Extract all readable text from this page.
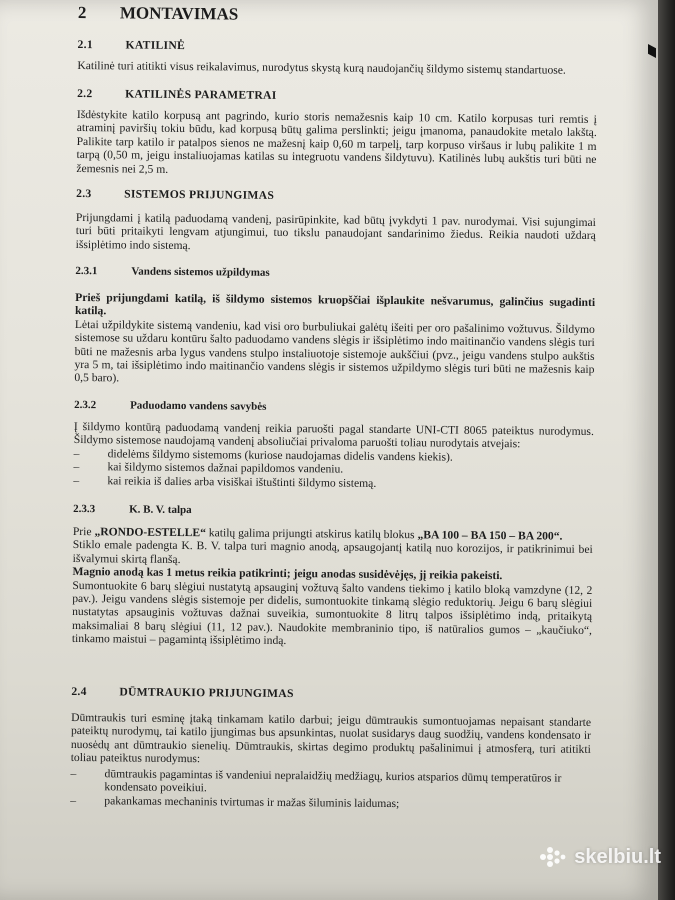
2 MONTAVIMAS
2.1	KATILINĖ
Katilinė turi atitikti visus reikalavimus, nurodytus skystą kurą naudojančių šildymo sistemų standartuose.
2.2	KATILINĖS PARAMETRAI
Išdėstykite katilo korpusą ant pagrindo, kurio storis nemažesnis kaip 10 cm. Katilo korpusas turi remtis į atraminį paviršių tokiu būdu, kad korpusą būtų galima perslinkti; jeigu įmanoma, panaudokite metalo lakštą. Palikite tarp katilo ir patalpos sienos ne mažesnį kaip 0,60 m tarpelį, tarp korpuso viršaus ir lubų palikite 1 m tarpą (0,50 m, jeigu instaliuojamas katilas su integruotu vandens šildytuvu). Katilinės lubų aukštis turi būti ne žemesnis nei 2,5 m.
2.3	SISTEMOS PRIJUNGIMAS
Prijungdami į katilą paduodamą vandenį, pasirūpinkite, kad būtų įvykdyti 1 pav. nurodymai. Visi sujungimai turi būti pritaikyti lengvam atjungimui, tuo tikslu panaudojant sandarinimo žiedus. Reikia naudoti uždarą išsiplėtimo indo sistemą.
2.3.1	Vandens sistemos užpildymas
Prieš prijungdami katilą, iš šildymo sistemos kruopščiai išplaukite nešvarumus, galinčius sugadinti katilą.
Lėtai užpildykite sistemą vandeniu, kad visi oro burbuliukai galėtų išeiti per oro pašalinimo vožtuvus. Šildymo sistemose su uždaru kontūru šalto paduodamo vandens slėgis ir išsiplėtimo indo maitinančio vandens slėgis turi būti ne mažesnis arba lygus vandens stulpo instaliuotoje sistemoje aukščiui (pvz., jeigu vandens stulpo aukštis yra 5 m, tai išsiplėtimo indo maitinančio vandens slėgis ir sistemos užpildymo slėgis turi būti ne mažesnis kaip 0,5 baro).
2.3.2	Paduodamo vandens savybės
Į šildymo kontūrą paduodamą vandenį reikia paruošti pagal standarte UNI-CTI 8065 pateiktus nurodymus. Šildymo sistemose naudojamą vandenį absoliučiai privaloma paruošti toliau nurodytais atvejais:
– didelėms šildymo sistemoms (kuriose naudojamas didelis vandens kiekis).
– kai šildymo sistemos dažnai papildomos vandeniu.
– kai reikia iš dalies arba visiškai ištuštinti šildymo sistemą.
2.3.3	K. B. V. talpa
Prie „RONDO-ESTELLE“ katilų galima prijungti atskirus katilų blokus „BA 100 – BA 150 – BA 200“.
Stiklo emale padengta K. B. V. talpa turi magnio anodą, apsaugojantį katilą nuo korozijos, ir patikrinimui bei išvalymui skirtą flanšą.
Magnio anodą kas 1 metus reikia patikrinti; jeigu anodas susidėvėjęs, jį reikia pakeisti.
Sumontuokite 6 barų slėgiui nustatytą apsauginį vožtuvą šalto vandens tiekimo į katilo bloką vamzdyne (12, 2 pav.). Jeigu vandens slėgis sistemoje per didelis, sumontuokite tinkamą slėgio reduktorių. Jeigu 6 barų slėgiui nustatytas apsauginis vožtuvas dažnai suveikia, sumontuokite 8 litrų talpos išsiplėtimo indą, pritaikytą maksimaliai 8 barų slėgiui (11, 12 pav.). Naudokite membraninio tipo, iš natūralios gumos – „kaučiuko“, tinkamo maistui – pagamintą išsiplėtimo indą.
2.4	DŪMTRAUKIO PRIJUNGIMAS
Dūmtraukis turi esminę įtaką tinkamam katilo darbui; jeigu dūmtraukis sumontuojamas nepaisant standarte pateiktų nurodymų, tai katilo įjungimas bus apsunkintas, nuolat susidarys daug suodžių, vandens kondensato ir nuosėdų ant dūmtraukio sienelių. Dūmtraukis, skirtas degimo produktų pašalinimui į atmosferą, turi atitikti toliau pateiktus nurodymus:
– dūmtraukis pagamintas iš vandeniui nepralaidžių medžiagų, kurios atsparios dūmų temperatūros ir kondensato poveikiui.
– pakankamas mechaninis tvirtumas ir mažas šiluminis laidumas;
skelbiu.lt
